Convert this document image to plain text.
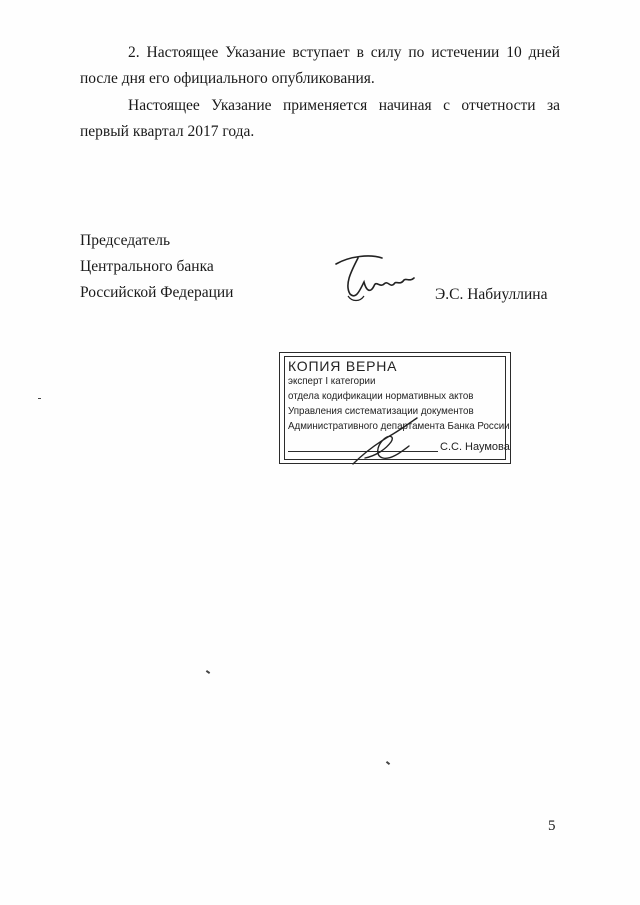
2. Настоящее Указание вступает в силу по истечении 10 дней после дня его официального опубликования.

Настоящее Указание применяется начиная с отчетности за первый квартал 2017 года.

Председатель
Центрального банка
Российской Федерации	Э.С. Набиуллина
КОПИЯ ВЕРНА
эксперт I категории
отдела кодификации нормативных актов
Управления систематизации документов
Административного департамента Банка России
С.С. Наумова
5
